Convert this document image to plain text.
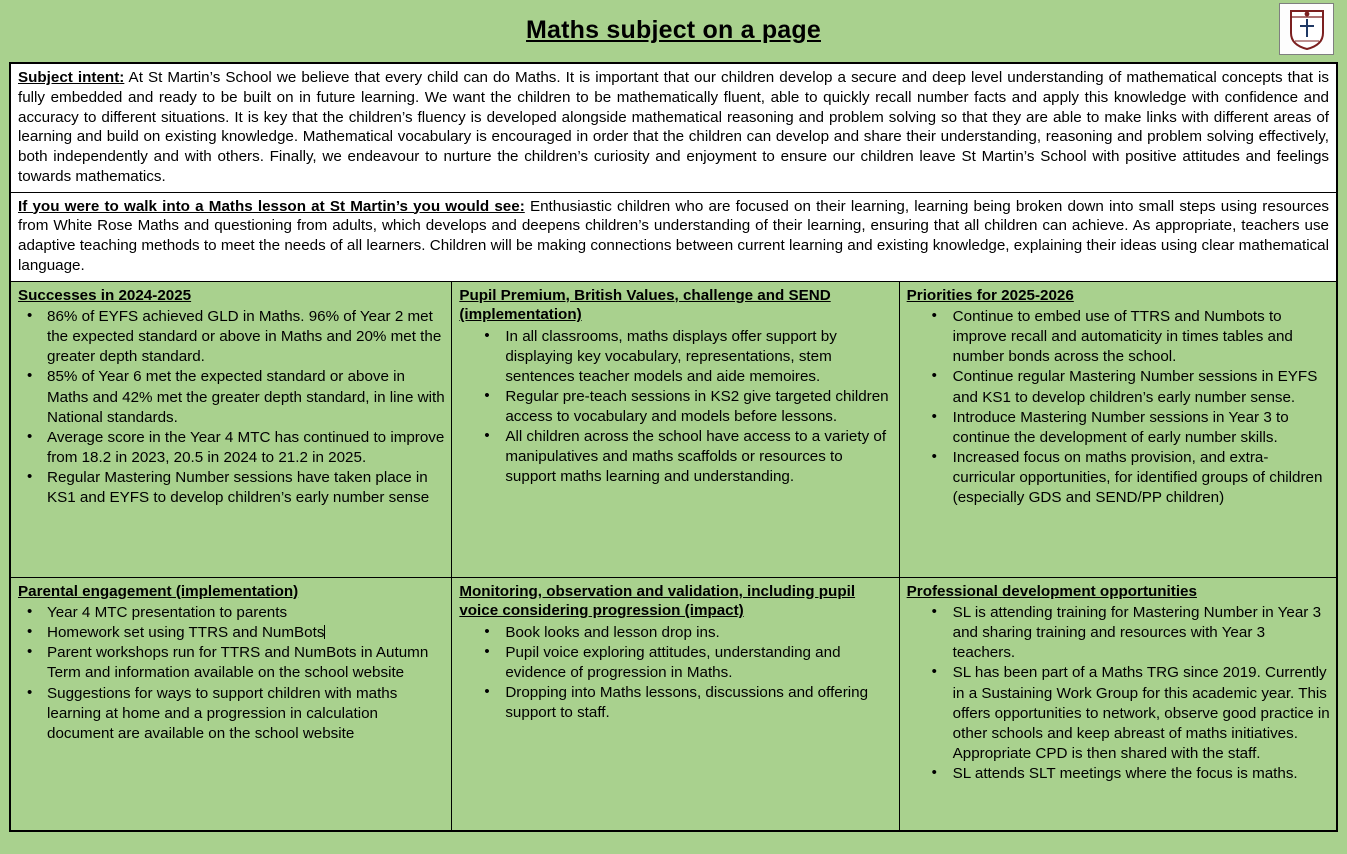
Maths subject on a page
Subject intent: At St Martin’s School we believe that every child can do Maths. It is important that our children develop a secure and deep level understanding of mathematical concepts that is fully embedded and ready to be built on in future learning. We want the children to be mathematically fluent, able to quickly recall number facts and apply this knowledge with confidence and accuracy to different situations. It is key that the children’s fluency is developed alongside mathematical reasoning and problem solving so that they are able to make links with different areas of learning and build on existing knowledge. Mathematical vocabulary is encouraged in order that the children can develop and share their understanding, reasoning and problem solving effectively, both independently and with others. Finally, we endeavour to nurture the children’s curiosity and enjoyment to ensure our children leave St Martin’s School with positive attitudes and feelings towards mathematics.
If you were to walk into a Maths lesson at St Martin’s you would see: Enthusiastic children who are focused on their learning, learning being broken down into small steps using resources from White Rose Maths and questioning from adults, which develops and deepens children’s understanding of their learning, ensuring that all children can achieve. As appropriate, teachers use adaptive teaching methods to meet the needs of all learners. Children will be making connections between current learning and existing knowledge, explaining their ideas using clear mathematical language.
Successes in 2024-2025
• 86% of EYFS achieved GLD in Maths. 96% of Year 2 met the expected standard or above in Maths and 20% met the greater depth standard.
• 85% of Year 6 met the expected standard or above in Maths and 42% met the greater depth standard, in line with National standards.
• Average score in the Year 4 MTC has continued to improve from 18.2 in 2023, 20.5 in 2024 to 21.2 in 2025.
• Regular Mastering Number sessions have taken place in KS1 and EYFS to develop children’s early number sense
Pupil Premium, British Values, challenge and SEND (implementation)
• In all classrooms, maths displays offer support by displaying key vocabulary, representations, stem sentences teacher models and aide memoires.
• Regular pre-teach sessions in KS2 give targeted children access to vocabulary and models before lessons.
• All children across the school have access to a variety of manipulatives and maths scaffolds or resources to support maths learning and understanding.
Priorities for 2025-2026
• Continue to embed use of TTRS and Numbots to improve recall and automaticity in times tables and number bonds across the school.
• Continue regular Mastering Number sessions in EYFS and KS1 to develop children’s early number sense.
• Introduce Mastering Number sessions in Year 3 to continue the development of early number skills.
• Increased focus on maths provision, and extra-curricular opportunities, for identified groups of children (especially GDS and SEND/PP children)
Parental engagement (implementation)
• Year 4 MTC presentation to parents
• Homework set using TTRS and NumBots
• Parent workshops run for TTRS and NumBots in Autumn Term and information available on the school website
• Suggestions for ways to support children with maths learning at home and a progression in calculation document are available on the school website
Monitoring, observation and validation, including pupil voice considering progression (impact)
• Book looks and lesson drop ins.
• Pupil voice exploring attitudes, understanding and evidence of progression in Maths.
• Dropping into Maths lessons, discussions and offering support to staff.
Professional development opportunities
• SL is attending training for Mastering Number in Year 3 and sharing training and resources with Year 3 teachers.
• SL has been part of a Maths TRG since 2019. Currently in a Sustaining Work Group for this academic year. This offers opportunities to network, observe good practice in other schools and keep abreast of maths initiatives. Appropriate CPD is then shared with the staff.
• SL attends SLT meetings where the focus is maths.
